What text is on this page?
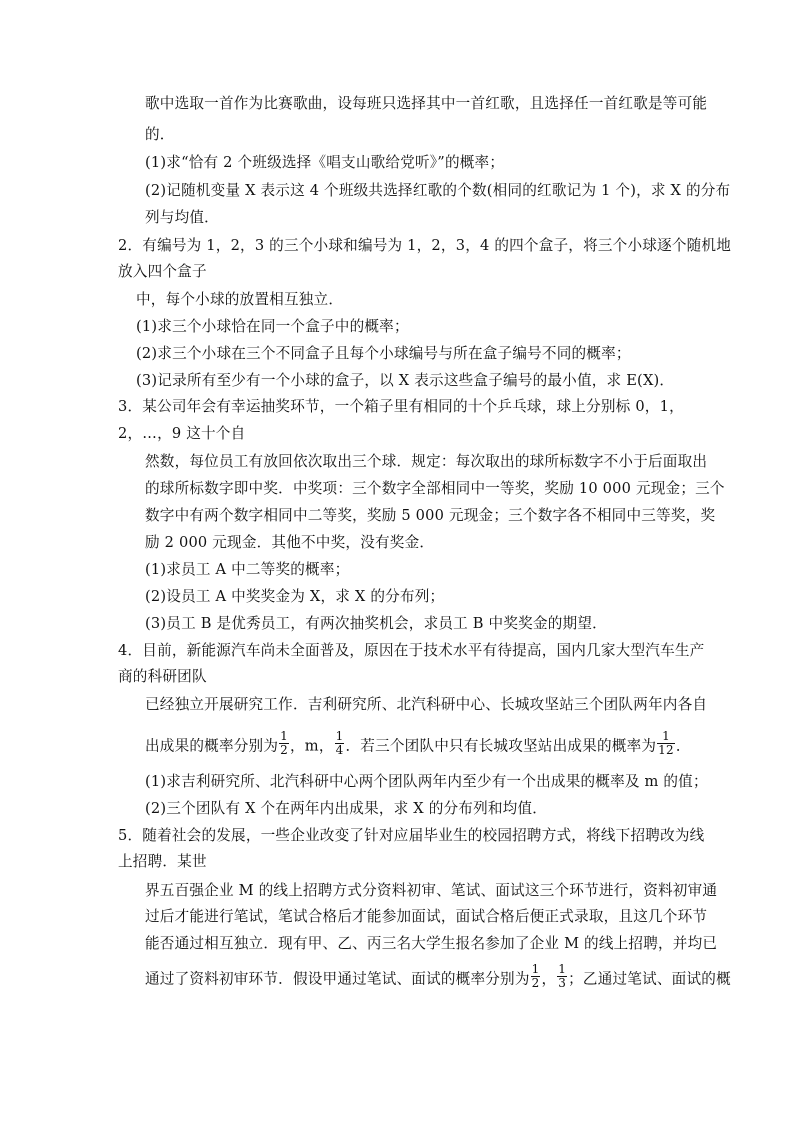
歌中选取一首作为比赛歌曲，设每班只选择其中一首红歌，且选择任一首红歌是等可能
的．
(1)求“恰有 2 个班级选择《唱支山歌给党听》”的概率；
(2)记随机变量 X 表示这 4 个班级共选择红歌的个数(相同的红歌记为 1 个)，求 X 的分布
列与均值．
2．有编号为 1，2，3 的三个小球和编号为 1，2，3，4 的四个盒子，将三个小球逐个随机地
放入四个盒子
中，每个小球的放置相互独立．
(1)求三个小球恰在同一个盒子中的概率；
(2)求三个小球在三个不同盒子且每个小球编号与所在盒子编号不同的概率；
(3)记录所有至少有一个小球的盒子，以 X 表示这些盒子编号的最小值，求 E(X)．
3．某公司年会有幸运抽奖环节，一个箱子里有相同的十个乒乓球，球上分别标 0，1，
2，…，9 这十个自
然数，每位员工有放回依次取出三个球．规定：每次取出的球所标数字不小于后面取出
的球所标数字即中奖．中奖项：三个数字全部相同中一等奖，奖励 10 000 元现金；三个
数字中有两个数字相同中二等奖，奖励 5 000 元现金；三个数字各不相同中三等奖，奖
励 2 000 元现金．其他不中奖，没有奖金．
(1)求员工 A 中二等奖的概率；
(2)设员工 A 中奖奖金为 X，求 X 的分布列；
(3)员工 B 是优秀员工，有两次抽奖机会，求员工 B 中奖奖金的期望．
4．目前，新能源汽车尚未全面普及，原因在于技术水平有待提高，国内几家大型汽车生产
商的科研团队
已经独立开展研究工作．吉利研究所、北汽科研中心、长城攻坚站三个团队两年内各自
出成果的概率分别为 $\frac{1}{2}$ ，m， $\frac{1}{4}$ ．若三个团队中只有长城攻坚站出成果的概率为 $\frac{1}{12}$ ．
(1)求吉利研究所、北汽科研中心两个团队两年内至少有一个出成果的概率及 m 的值；
(2)三个团队有 X 个在两年内出成果，求 X 的分布列和均值．
5．随着社会的发展，一些企业改变了针对应届毕业生的校园招聘方式，将线下招聘改为线
上招聘．某世
界五百强企业 M 的线上招聘方式分资料初审、笔试、面试这三个环节进行，资料初审通
过后才能进行笔试，笔试合格后才能参加面试，面试合格后便正式录取，且这几个环节
能否通过相互独立．现有甲、乙、丙三名大学生报名参加了企业 M 的线上招聘，并均已
通过了资料初审环节．假设甲通过笔试、面试的概率分别为 $\frac{1}{2}$ ， $\frac{1}{3}$ ；乙通过笔试、面试的概
